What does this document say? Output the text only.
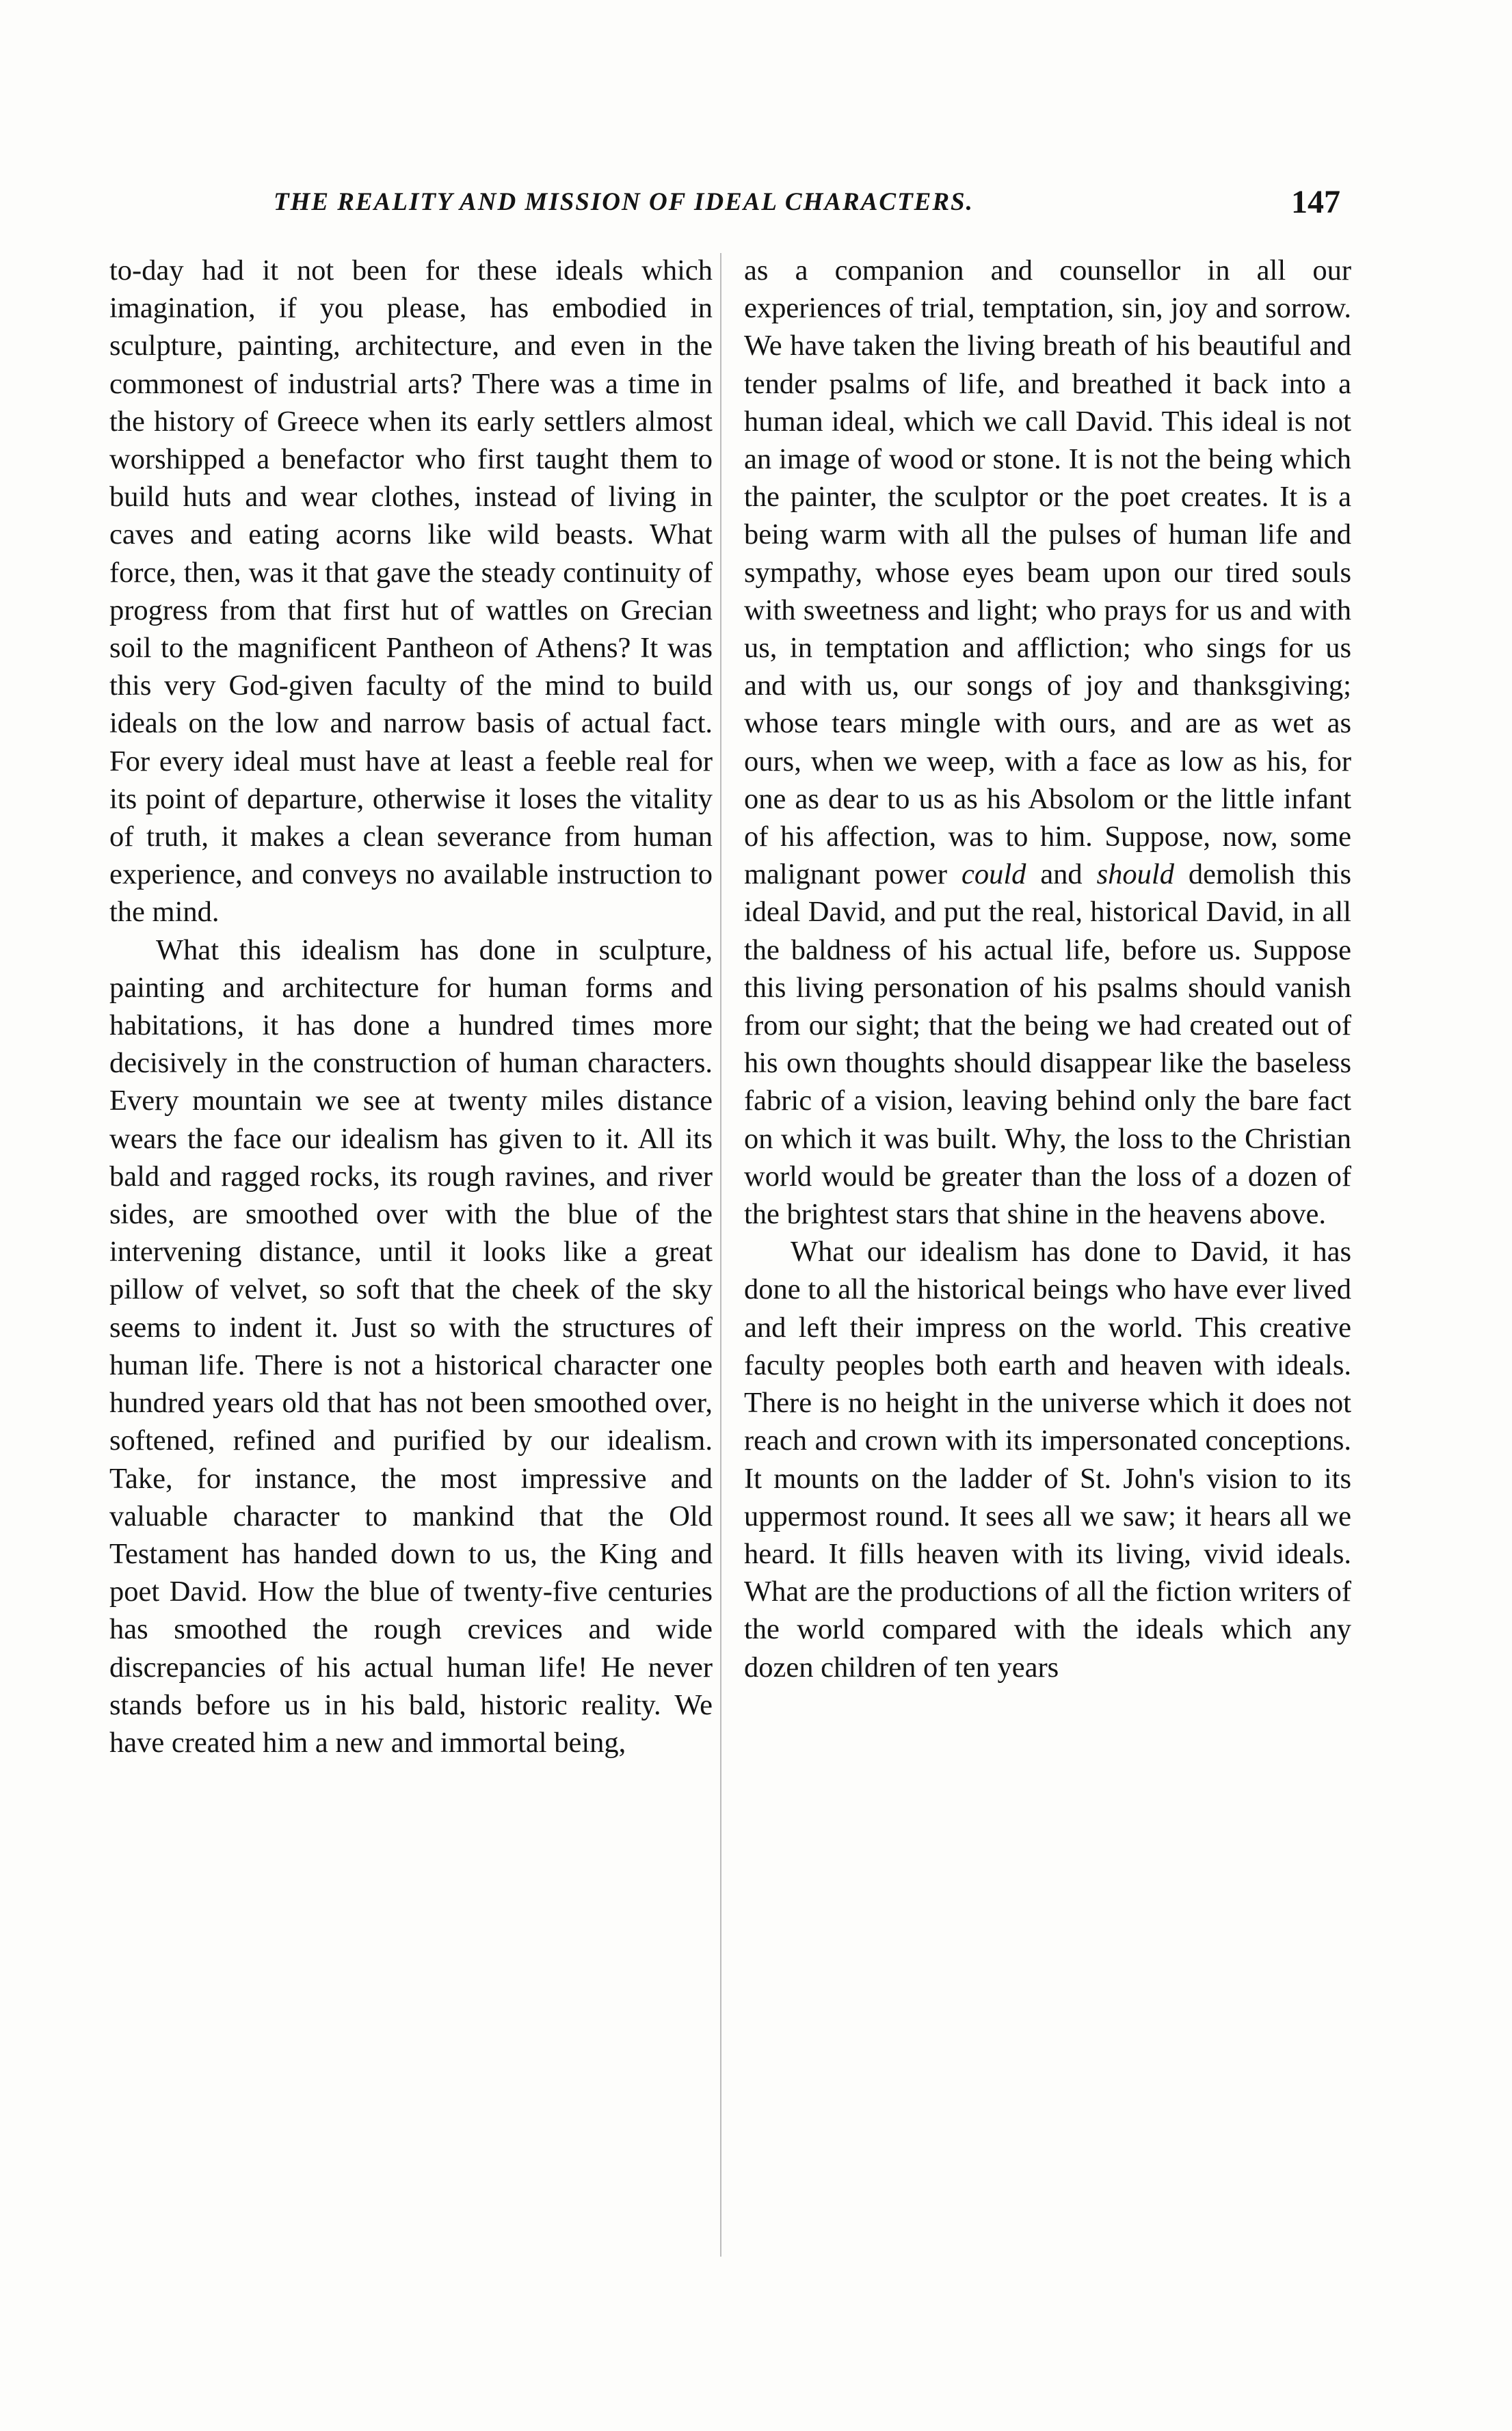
THE REALITY AND MISSION OF IDEAL CHARACTERS.	147

to-day had it not been for these ideals which imagination, if you please, has embodied in sculpture, painting, architecture, and even in the commonest of industrial arts? There was a time in the history of Greece when its early settlers almost worshipped a benefactor who first taught them to build huts and wear clothes, instead of living in caves and eating acorns like wild beasts. What force, then, was it that gave the steady continuity of progress from that first hut of wattles on Grecian soil to the magnificent Pantheon of Athens? It was this very God-given faculty of the mind to build ideals on the low and narrow basis of actual fact. For every ideal must have at least a feeble real for its point of departure, otherwise it loses the vitality of truth, it makes a clean severance from human experience, and conveys no available instruction to the mind.

What this idealism has done in sculpture, painting and architecture for human forms and habitations, it has done a hundred times more decisively in the construction of human characters. Every mountain we see at twenty miles distance wears the face our idealism has given to it. All its bald and ragged rocks, its rough ravines, and river sides, are smoothed over with the blue of the intervening distance, until it looks like a great pillow of velvet, so soft that the cheek of the sky seems to indent it. Just so with the structures of human life. There is not a historical character one hundred years old that has not been smoothed over, softened, refined and purified by our idealism. Take, for instance, the most impressive and valuable character to mankind that the Old Testament has handed down to us, the King and poet David. How the blue of twenty-five centuries has smoothed the rough crevices and wide discrepancies of his actual human life! He never stands before us in his bald, historic reality. We have created him a new and immortal being,

as a companion and counsellor in all our experiences of trial, temptation, sin, joy and sorrow. We have taken the living breath of his beautiful and tender psalms of life, and breathed it back into a human ideal, which we call David. This ideal is not an image of wood or stone. It is not the being which the painter, the sculptor or the poet creates. It is a being warm with all the pulses of human life and sympathy, whose eyes beam upon our tired souls with sweetness and light; who prays for us and with us, in temptation and affliction; who sings for us and with us, our songs of joy and thanksgiving; whose tears mingle with ours, and are as wet as ours, when we weep, with a face as low as his, for one as dear to us as his Absolom or the little infant of his affection, was to him. Suppose, now, some malignant power could and should demolish this ideal David, and put the real, historical David, in all the baldness of his actual life, before us. Suppose this living personation of his psalms should vanish from our sight; that the being we had created out of his own thoughts should disappear like the baseless fabric of a vision, leaving behind only the bare fact on which it was built. Why, the loss to the Christian world would be greater than the loss of a dozen of the brightest stars that shine in the heavens above.

What our idealism has done to David, it has done to all the historical beings who have ever lived and left their impress on the world. This creative faculty peoples both earth and heaven with ideals. There is no height in the universe which it does not reach and crown with its impersonated conceptions. It mounts on the ladder of St. John's vision to its uppermost round. It sees all we saw; it hears all we heard. It fills heaven with its living, vivid ideals. What are the productions of all the fiction writers of the world compared with the ideals which any dozen children of ten years
